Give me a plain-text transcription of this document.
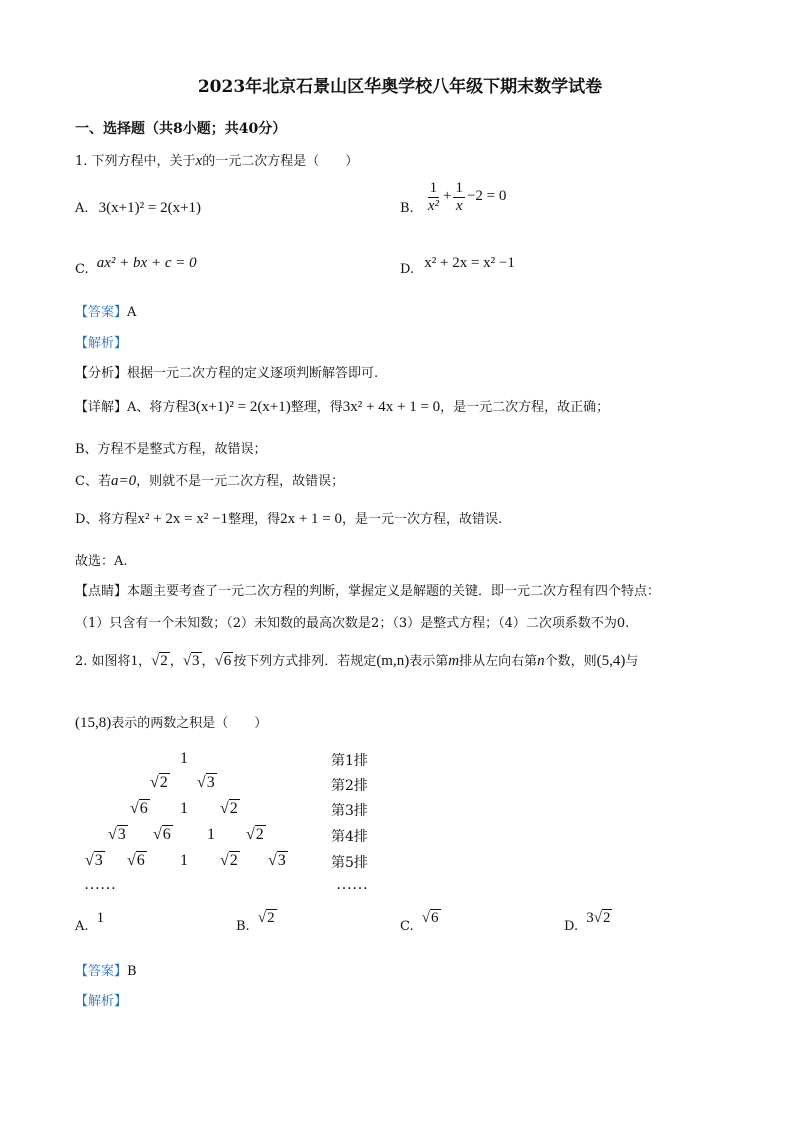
2023年北京石景山区华奥学校八年级下期末数学试卷
一、选择题（共8小题；共40分）
1. 下列方程中，关于x的一元二次方程是（　　）
A. 3(x+1)² = 2(x+1)	B. $\frac{1}{\text{x²}} + \frac{1}{x} -2 = 0$
C. ax² + bx + c = 0	D. x² + 2x = x² −1
【答案】A
【解析】
【分析】根据一元二次方程的定义逐项判断解答即可.
【详解】A、将方程3(x+1)² = 2(x+1)整理，得3x² + 4x + 1 = 0，是一元二次方程，故正确；
B、方程不是整式方程，故错误；
C、若a=0，则就不是一元二次方程，故错误；
D、将方程x² + 2x = x² −1整理，得2x + 1 = 0，是一元一次方程，故错误.
故选：A.
【点睛】本题主要考查了一元二次方程的判断，掌握定义是解题的关键．即一元二次方程有四个特点：
（1）只含有一个未知数；（2）未知数的最高次数是2；（3）是整式方程；（4）二次项系数不为0.
2. 如图将1，√2 ，√3 ，√6 按下列方式排列．若规定(m,n)表示第m排从左向右第n个数，则(5,4)与
(15,8)表示的两数之积是（　　）
1
√2 √3
√6 1 √2
√3 √6 1 √2
√3 √6 1 √2 √3
……
第1排
第2排
第3排
第4排
第5排
……
A. 1
B. √2
C. √6
D. 3√2
【答案】B
【解析】
